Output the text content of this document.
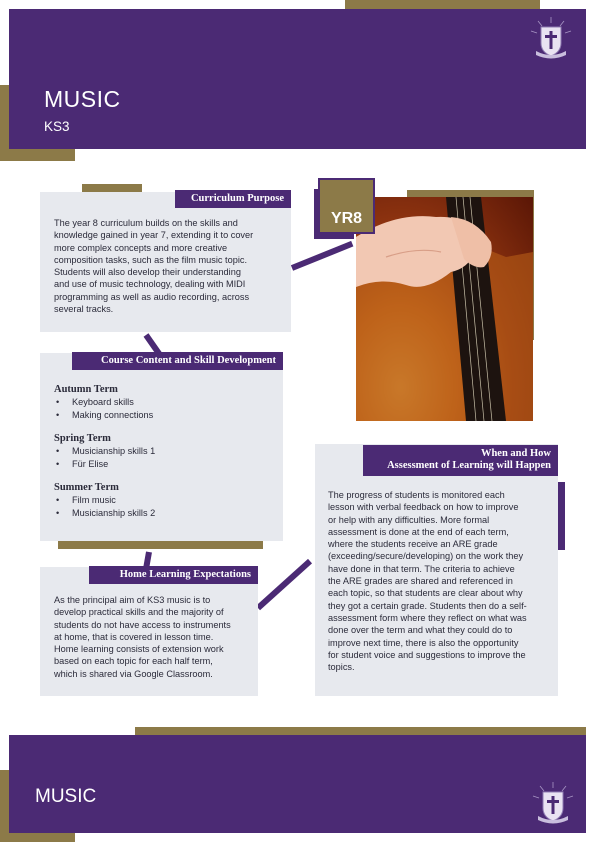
MUSIC
KS3
YR8
Curriculum Purpose
The year 8 curriculum builds on the skills and
knowledge gained in year 7, extending it to cover
more complex concepts and more creative
composition tasks, such as the film music topic.
Students will also develop their understanding
and use of music technology, dealing with MIDI
programming as well as audio recording, across
several tracks.
Course Content and Skill Development
Autumn Term
• Keyboard skills
• Making connections
Spring Term
• Musicianship skills 1
• Für Elise
Summer Term
• Film music
• Musicianship skills 2
Home Learning Expectations
As the principal aim of KS3 music is to
develop practical skills and the majority of
students do not have access to instruments
at home, that is covered in lesson time.
Home learning consists of extension work
based on each topic for each half term,
which is shared via Google Classroom.
When and How
Assessment of Learning will Happen
The progress of students is monitored each
lesson with verbal feedback on how to improve
or help with any difficulties. More formal
assessment is done at the end of each term,
where the students receive an ARE grade
(exceeding/secure/developing) on the work they
have done in that term. The criteria to achieve
the ARE grades are shared and referenced in
each topic, so that students are clear about why
they got a certain grade. Students then do a self-
assessment form where they reflect on what was
done over the term and what they could do to
improve next time, there is also the opportunity
for student voice and suggestions to improve the
topics.
MUSIC
